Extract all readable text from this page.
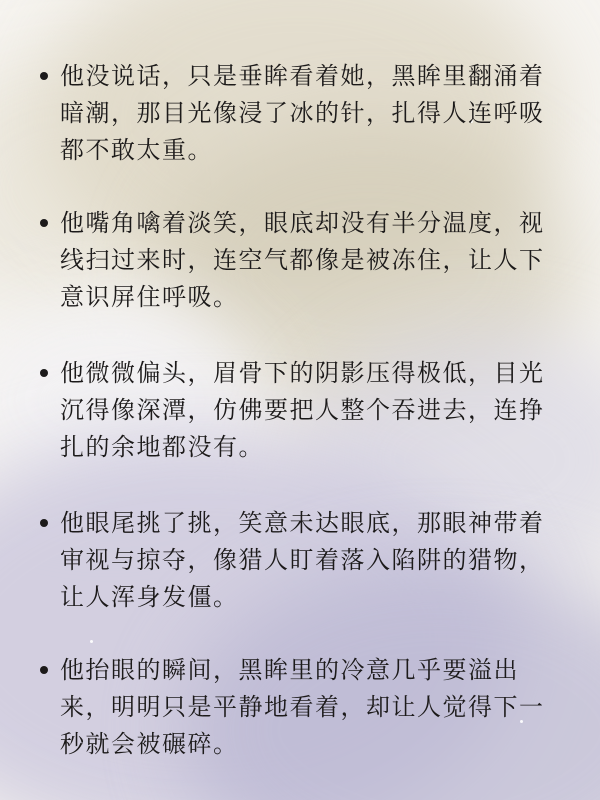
他没说话，只是垂眸看着她，黑眸里翻涌着暗潮，那目光像浸了冰的针，扎得人连呼吸都不敢太重。
他嘴角噙着淡笑，眼底却没有半分温度，视线扫过来时，连空气都像是被冻住，让人下意识屏住呼吸。
他微微偏头，眉骨下的阴影压得极低，目光沉得像深潭，仿佛要把人整个吞进去，连挣扎的余地都没有。
他眼尾挑了挑，笑意未达眼底，那眼神带着审视与掠夺，像猎人盯着落入陷阱的猎物，让人浑身发僵。
他抬眼的瞬间，黑眸里的冷意几乎要溢出来，明明只是平静地看着，却让人觉得下一秒就会被碾碎。
